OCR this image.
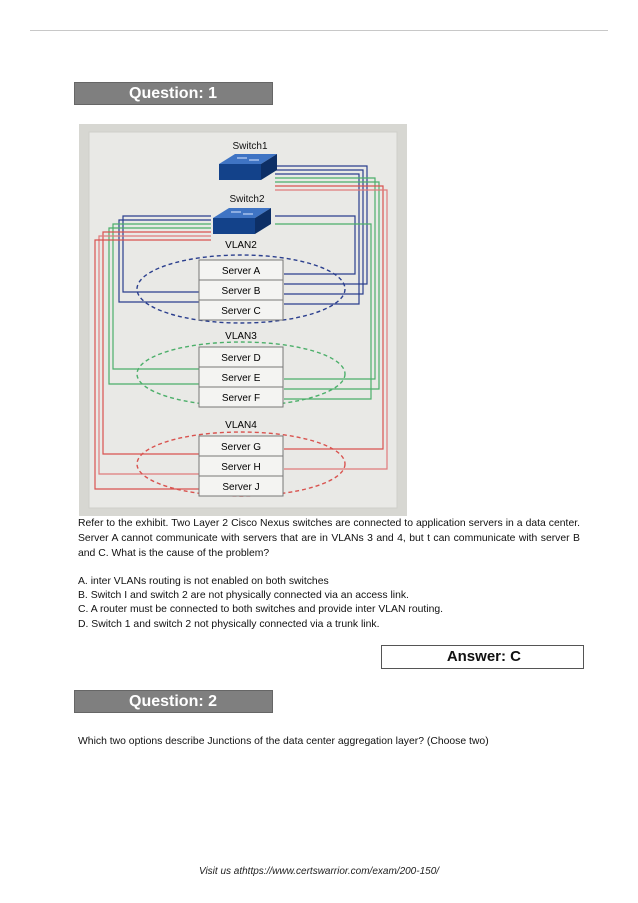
Question: 1
Switch1
Switch2
VLAN2
Server A
Server B
Server C
VLAN3
Server D
Server E
Server F
VLAN4
Server G
Server H
Server J
Refer to the exhibit. Two Layer 2 Cisco Nexus switches are connected to application servers in a data center. Server A cannot communicate with servers that are in VLANs 3 and 4, but t can communicate with server B and C. What is the cause of the problem?
A. inter VLANs routing is not enabled on both switches
B. Switch I and switch 2 are not physically connected via an access link.
C. A router must be connected to both switches and provide inter VLAN routing.
D. Switch 1 and switch 2 not physically connected via a trunk link.
Answer: C
Question: 2
Which two options describe Junctions of the data center aggregation layer? (Choose two)
Visit us athttps://www.certswarrior.com/exam/200-150/
